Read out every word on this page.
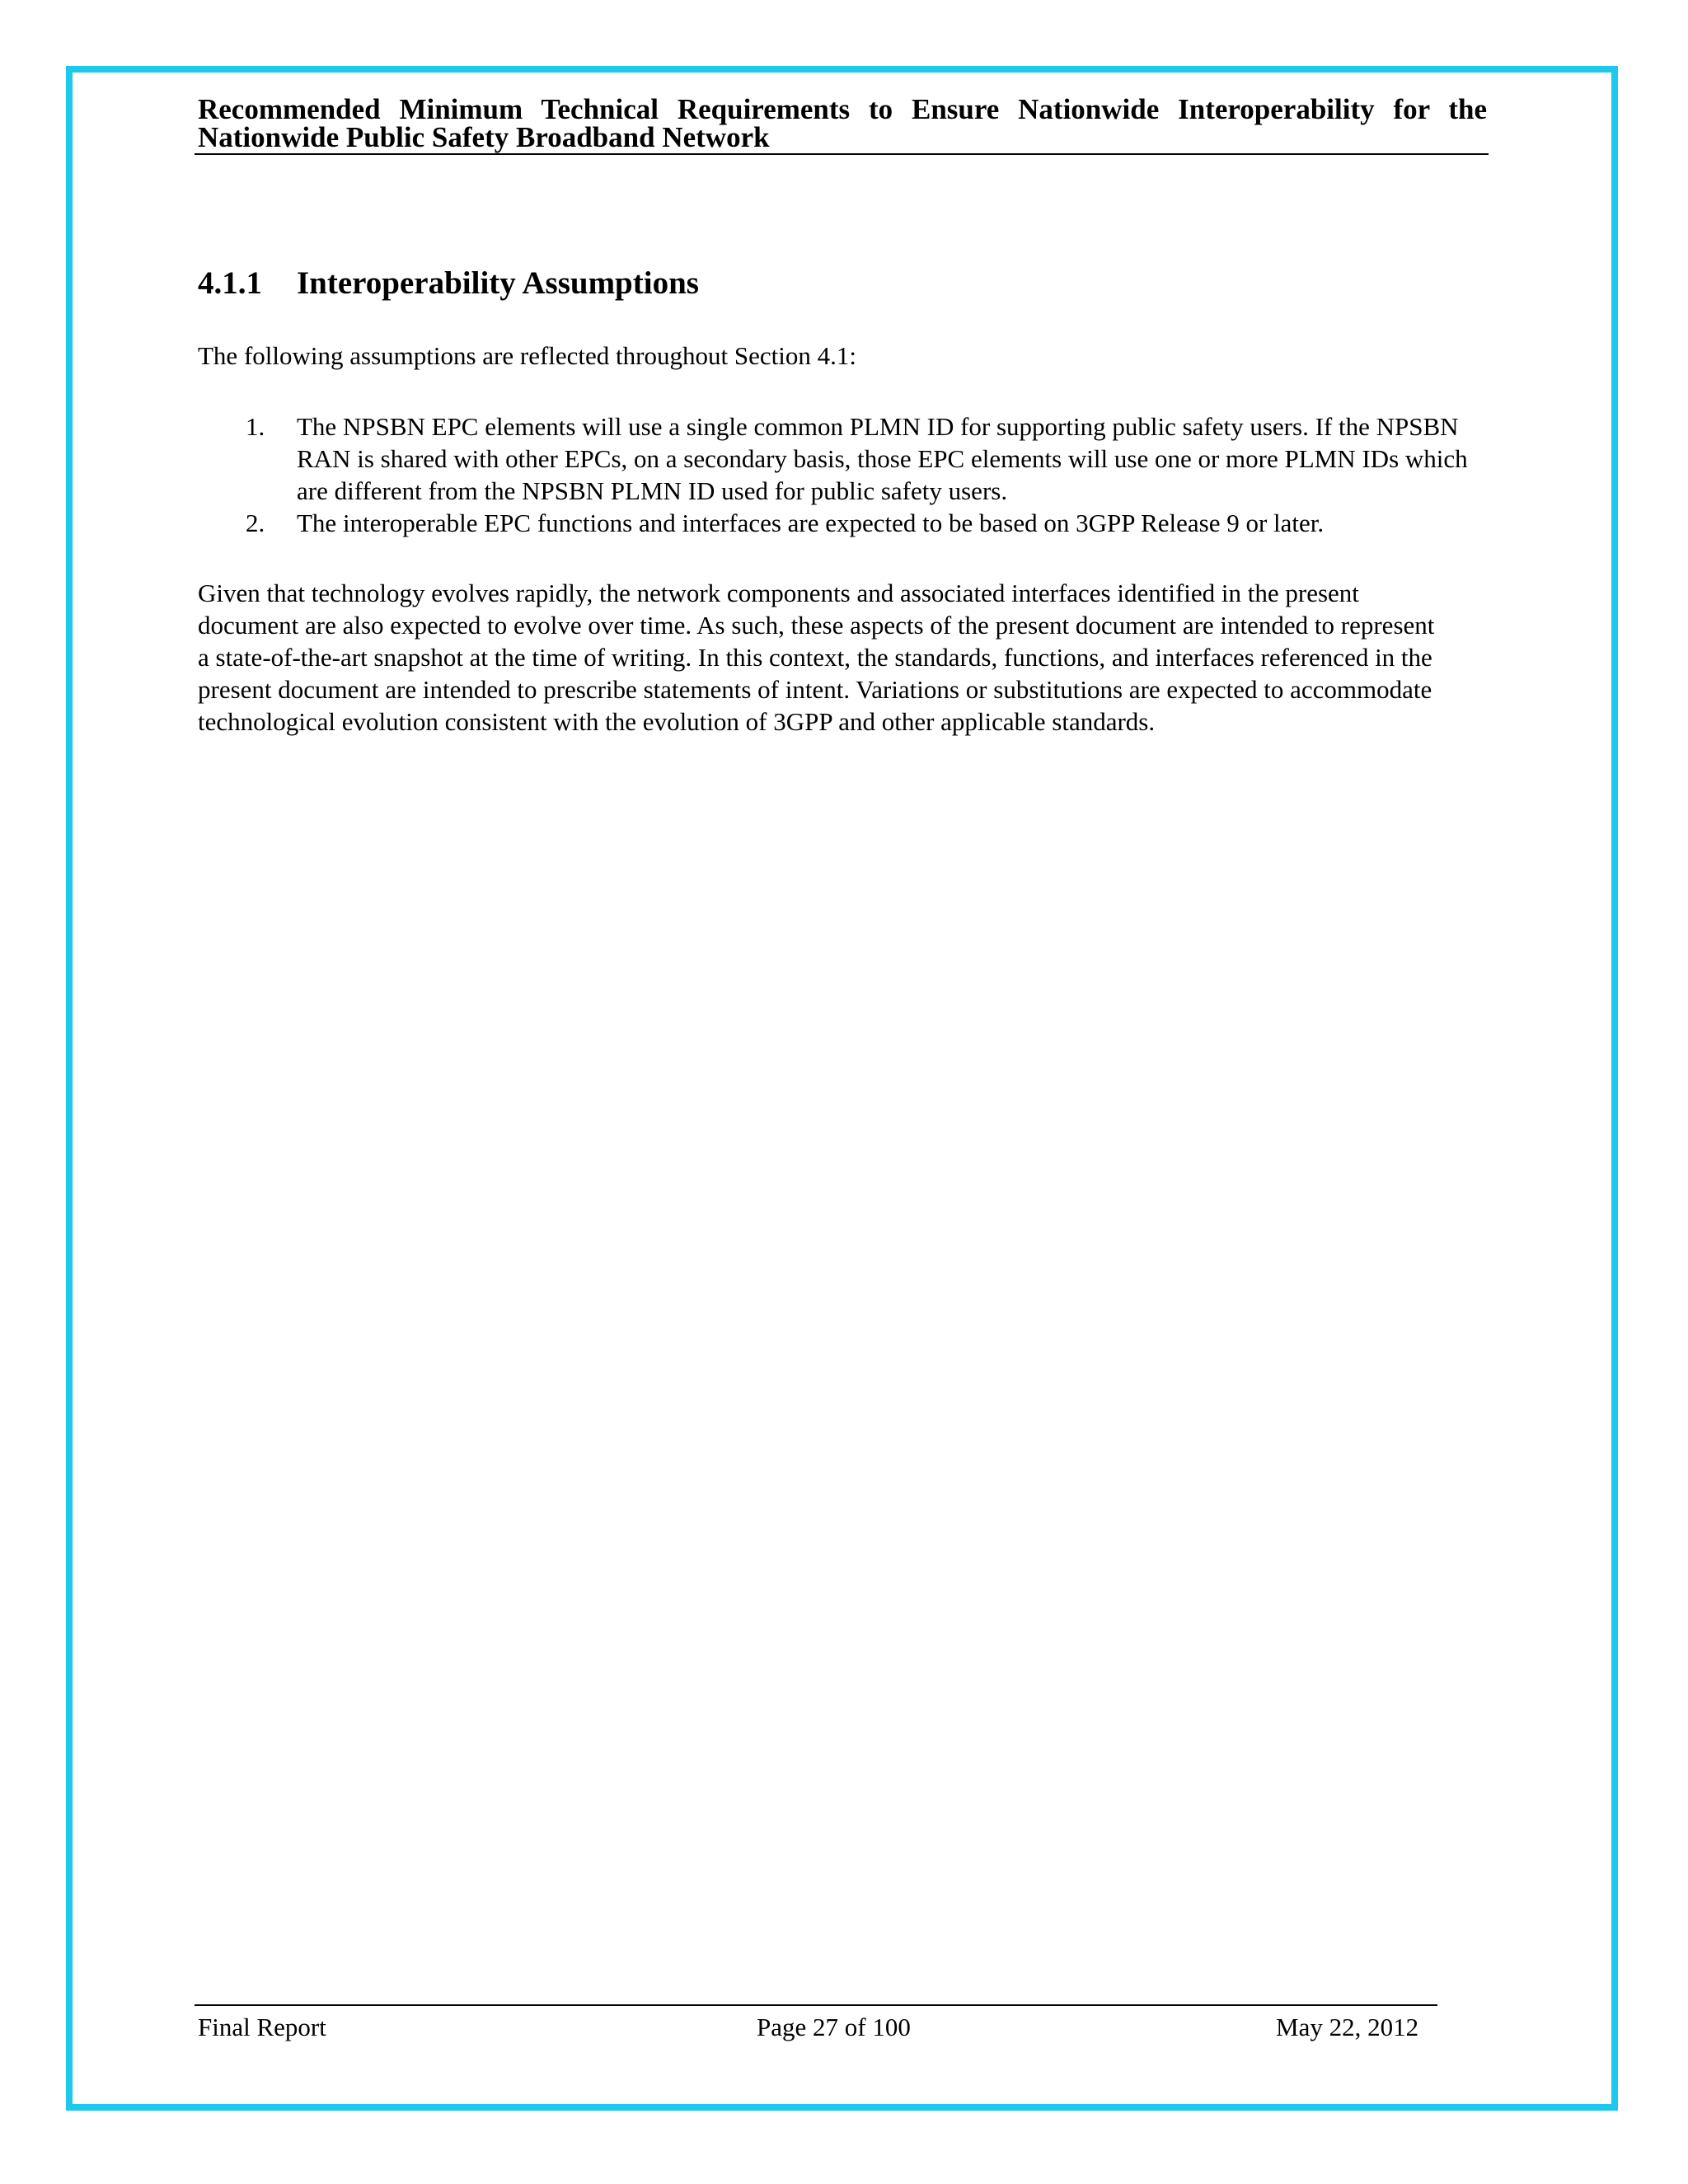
Recommended Minimum Technical Requirements to Ensure Nationwide Interoperability for the Nationwide Public Safety Broadband Network

4.1.1 Interoperability Assumptions

The following assumptions are reflected throughout Section 4.1:

1. The NPSBN EPC elements will use a single common PLMN ID for supporting public safety users. If the NPSBN RAN is shared with other EPCs, on a secondary basis, those EPC elements will use one or more PLMN IDs which are different from the NPSBN PLMN ID used for public safety users.
2. The interoperable EPC functions and interfaces are expected to be based on 3GPP Release 9 or later.

Given that technology evolves rapidly, the network components and associated interfaces identified in the present document are also expected to evolve over time. As such, these aspects of the present document are intended to represent a state-of-the-art snapshot at the time of writing. In this context, the standards, functions, and interfaces referenced in the present document are intended to prescribe statements of intent. Variations or substitutions are expected to accommodate technological evolution consistent with the evolution of 3GPP and other applicable standards.

Final Report	Page 27 of 100	May 22, 2012
